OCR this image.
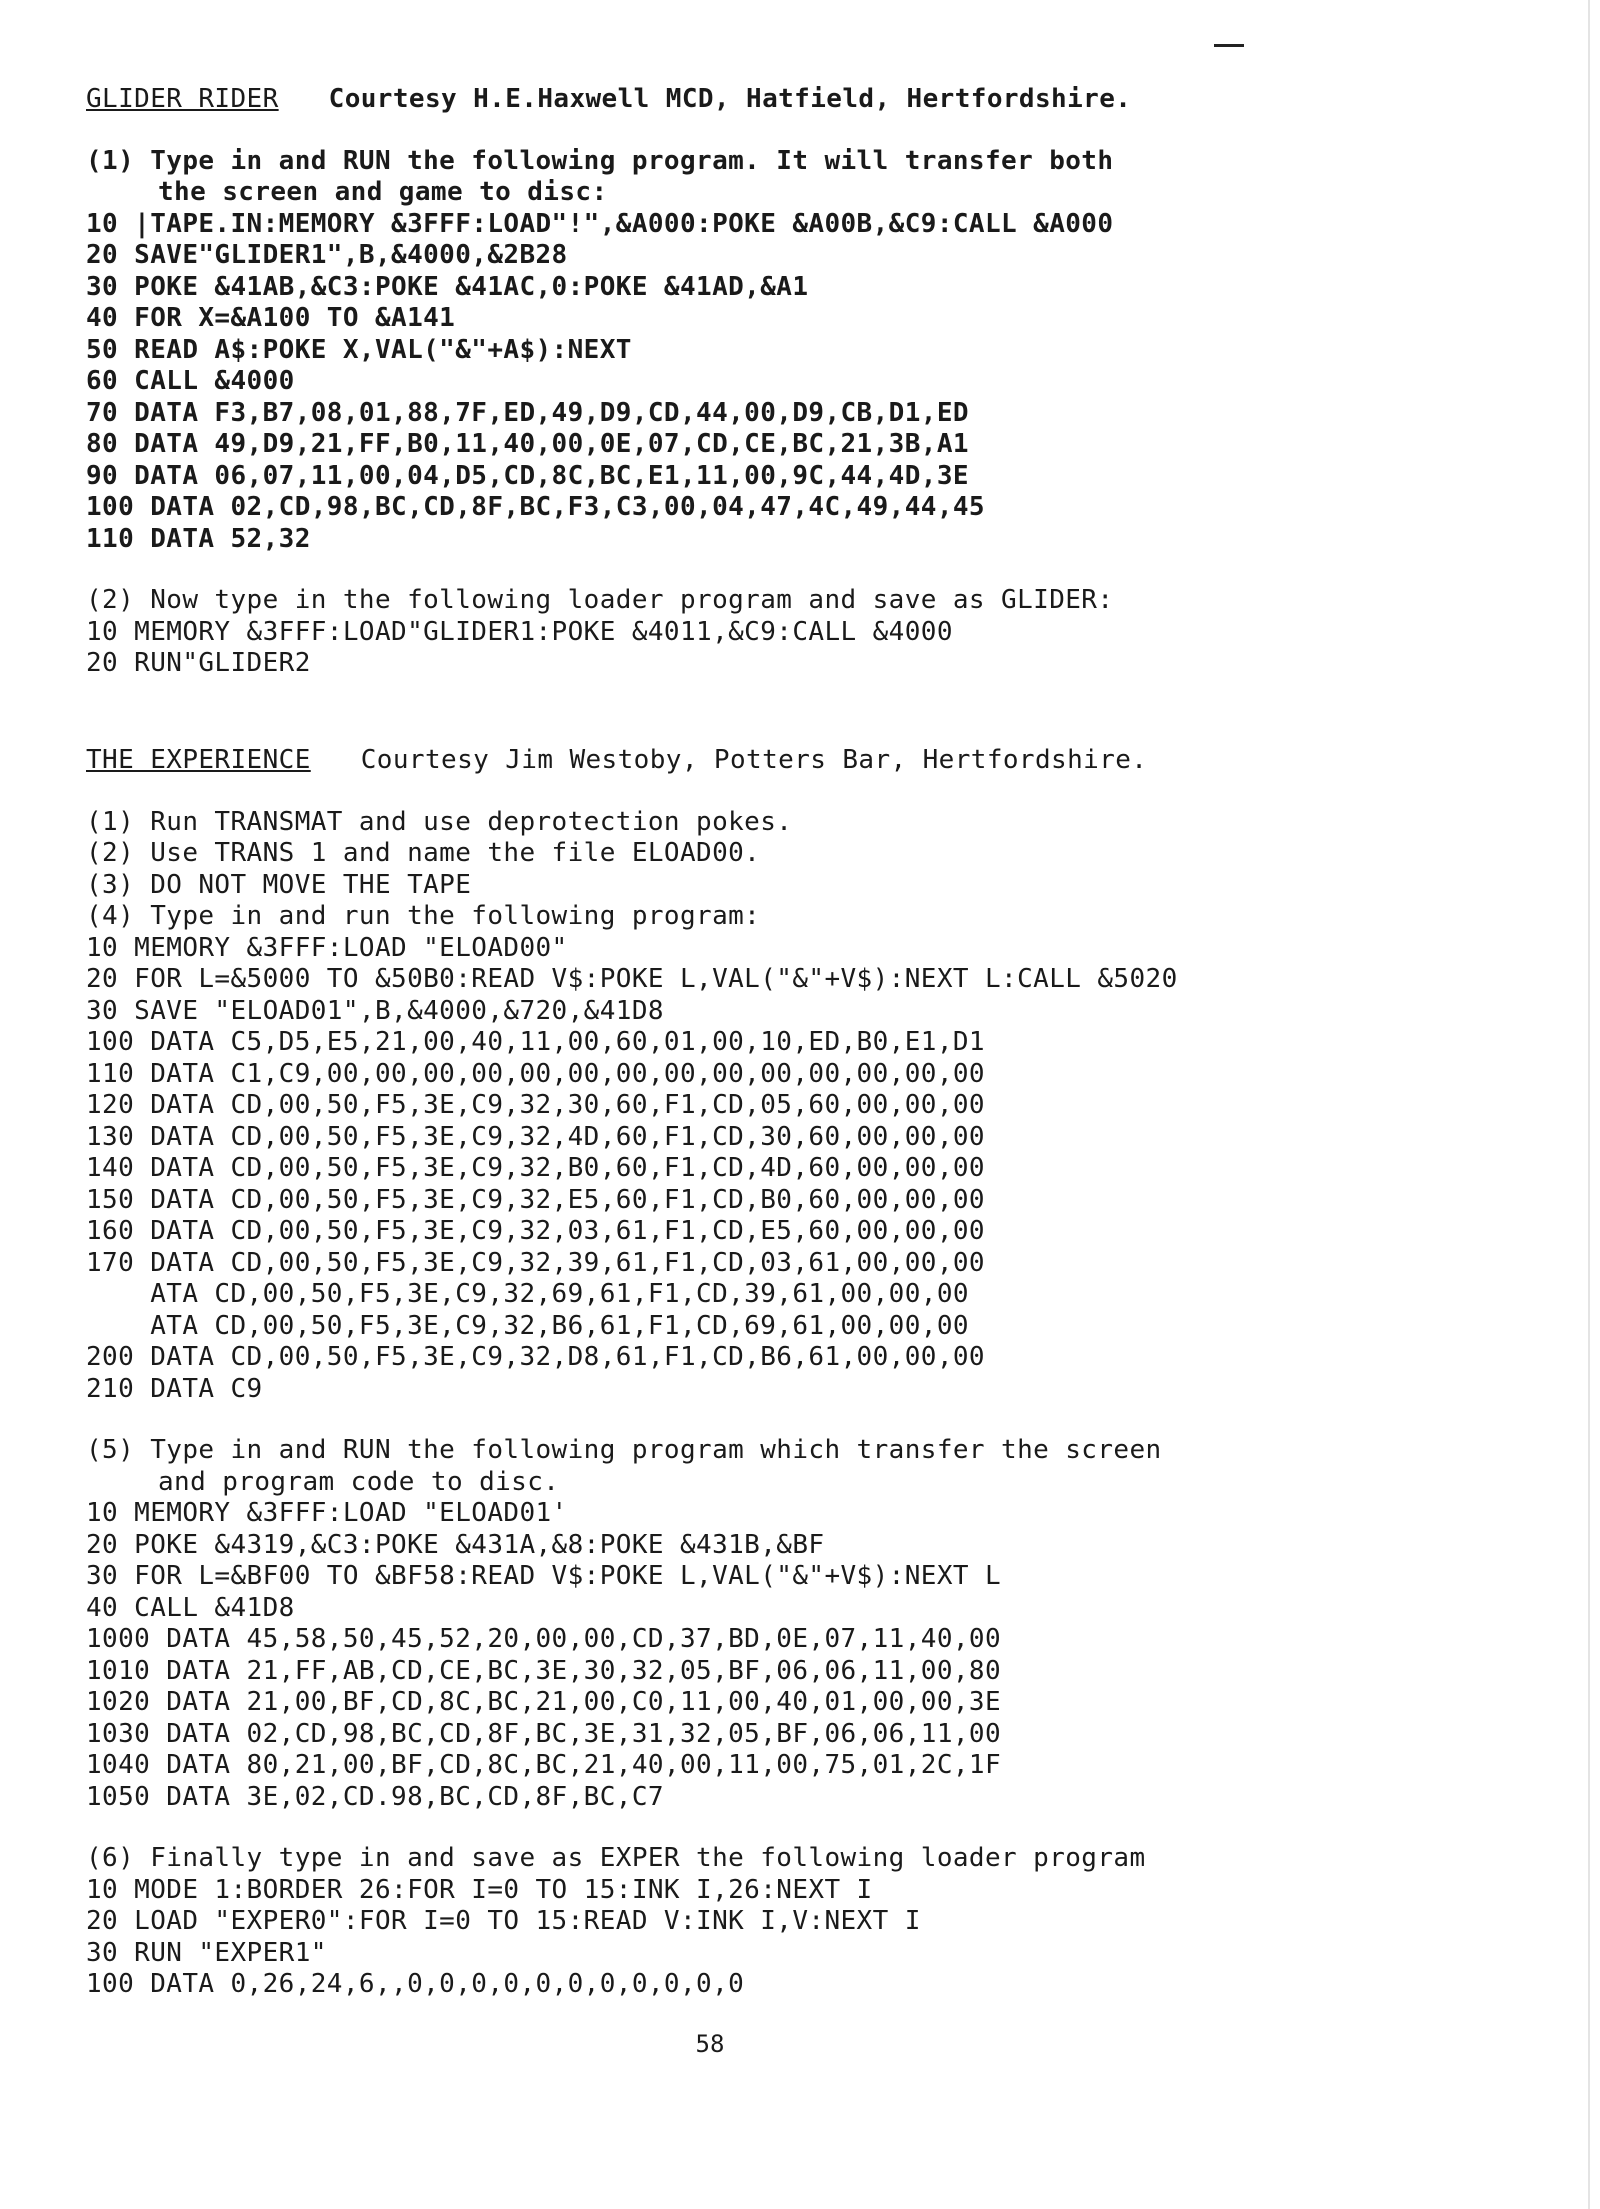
GLIDER RIDER Courtesy H.E.Haxwell MCD, Hatfield, Hertfordshire.
(1) Type in and RUN the following program. It will transfer both
the screen and game to disc:
10 |TAPE.IN:MEMORY &3FFF:LOAD"!",&A000:POKE &A00B,&C9:CALL &A000
20 SAVE"GLIDER1",B,&4000,&2B28
30 POKE &41AB,&C3:POKE &41AC,0:POKE &41AD,&A1
40 FOR X=&A100 TO &A141
50 READ A$:POKE X,VAL("&"+A$):NEXT
60 CALL &4000
70 DATA F3,B7,08,01,88,7F,ED,49,D9,CD,44,00,D9,CB,D1,ED
80 DATA 49,D9,21,FF,B0,11,40,00,0E,07,CD,CE,BC,21,3B,A1
90 DATA 06,07,11,00,04,D5,CD,8C,BC,E1,11,00,9C,44,4D,3E
100 DATA 02,CD,98,BC,CD,8F,BC,F3,C3,00,04,47,4C,49,44,45
110 DATA 52,32
(2) Now type in the following loader program and save as GLIDER:
10 MEMORY &3FFF:LOAD"GLIDER1:POKE &4011,&C9:CALL &4000
20 RUN"GLIDER2
THE EXPERIENCE Courtesy Jim Westoby, Potters Bar, Hertfordshire.
(1) Run TRANSMAT and use deprotection pokes.
(2) Use TRANS 1 and name the file ELOAD00.
(3) DO NOT MOVE THE TAPE
(4) Type in and run the following program:
10 MEMORY &3FFF:LOAD "ELOAD00"
20 FOR L=&5000 TO &50B0:READ V$:POKE L,VAL("&"+V$):NEXT L:CALL &5020
30 SAVE "ELOAD01",B,&4000,&720,&41D8
100 DATA C5,D5,E5,21,00,40,11,00,60,01,00,10,ED,B0,E1,D1
110 DATA C1,C9,00,00,00,00,00,00,00,00,00,00,00,00,00,00
120 DATA CD,00,50,F5,3E,C9,32,30,60,F1,CD,05,60,00,00,00
130 DATA CD,00,50,F5,3E,C9,32,4D,60,F1,CD,30,60,00,00,00
140 DATA CD,00,50,F5,3E,C9,32,B0,60,F1,CD,4D,60,00,00,00
150 DATA CD,00,50,F5,3E,C9,32,E5,60,F1,CD,B0,60,00,00,00
160 DATA CD,00,50,F5,3E,C9,32,03,61,F1,CD,E5,60,00,00,00
170 DATA CD,00,50,F5,3E,C9,32,39,61,F1,CD,03,61,00,00,00
ATA CD,00,50,F5,3E,C9,32,69,61,F1,CD,39,61,00,00,00
ATA CD,00,50,F5,3E,C9,32,B6,61,F1,CD,69,61,00,00,00
200 DATA CD,00,50,F5,3E,C9,32,D8,61,F1,CD,B6,61,00,00,00
210 DATA C9
(5) Type in and RUN the following program which transfer the screen
and program code to disc.
10 MEMORY &3FFF:LOAD "ELOAD01'
20 POKE &4319,&C3:POKE &431A,&8:POKE &431B,&BF
30 FOR L=&BF00 TO &BF58:READ V$:POKE L,VAL("&"+V$):NEXT L
40 CALL &41D8
1000 DATA 45,58,50,45,52,20,00,00,CD,37,BD,0E,07,11,40,00
1010 DATA 21,FF,AB,CD,CE,BC,3E,30,32,05,BF,06,06,11,00,80
1020 DATA 21,00,BF,CD,8C,BC,21,00,C0,11,00,40,01,00,00,3E
1030 DATA 02,CD,98,BC,CD,8F,BC,3E,31,32,05,BF,06,06,11,00
1040 DATA 80,21,00,BF,CD,8C,BC,21,40,00,11,00,75,01,2C,1F
1050 DATA 3E,02,CD.98,BC,CD,8F,BC,C7
(6) Finally type in and save as EXPER the following loader program
10 MODE 1:BORDER 26:FOR I=0 TO 15:INK I,26:NEXT I
20 LOAD "EXPER0":FOR I=0 TO 15:READ V:INK I,V:NEXT I
30 RUN "EXPER1"
100 DATA 0,26,24,6,,0,0,0,0,0,0,0,0,0,0,0
58
